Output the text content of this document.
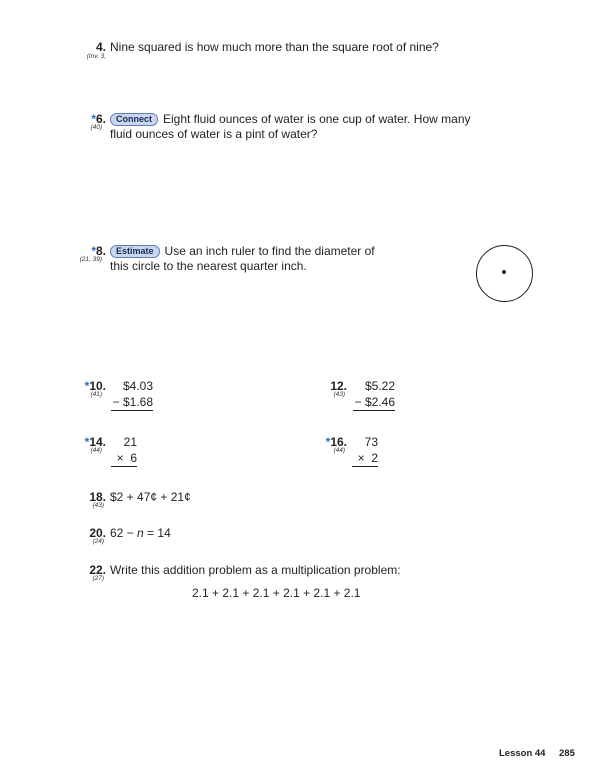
4.
(Inv. 3,
Nine squared is how much more than the square root of nine?
*6.
(40)
Connect Eight fluid ounces of water is one cup of water. How many
fluid ounces of water is a pint of water?
*8.
(21, 39)
Estimate Use an inch ruler to find the diameter of
this circle to the nearest quarter inch.
*10.
(41)
$4.03
− $1.68
12.
(43)
$5.22
− $2.46
*14.
(44)
21
×  6
*16.
(44)
73
×  2
18.
(43)
$2 + 47¢ + 21¢
20.
(24)
62 − n = 14
22.
(27)
Write this addition problem as a multiplication problem:
2.1 + 2.1 + 2.1 + 2.1 + 2.1 + 2.1
Lesson 44 285
